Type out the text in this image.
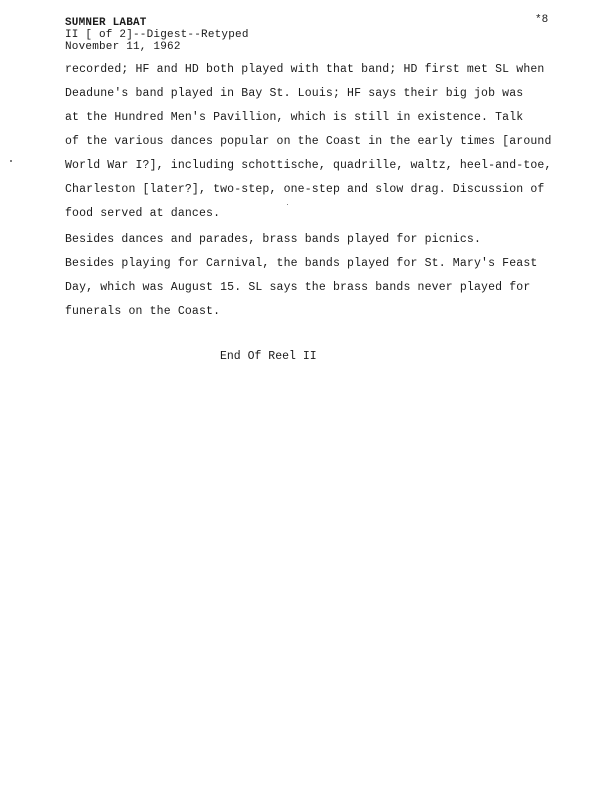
SUMNER LABAT
II [ of 2]--Digest--Retyped
November 11, 1962
*8
recorded; HF and HD both played with that band; HD first met SL when
Deadune's band played in Bay St. Louis; HF says their big job was
at the Hundred Men's Pavillion, which is still in existence. Talk
of the various dances popular on the Coast in the early times [around
World War I?], including schottische, quadrille, waltz, heel-and-toe,
Charleston [later?], two-step, one-step and slow drag. Discussion of
food served at dances.
Besides dances and parades, brass bands played for picnics.
Besides playing for Carnival, the bands played for St. Mary's Feast
Day, which was August 15. SL says the brass bands never played for
funerals on the Coast.
End Of Reel II
